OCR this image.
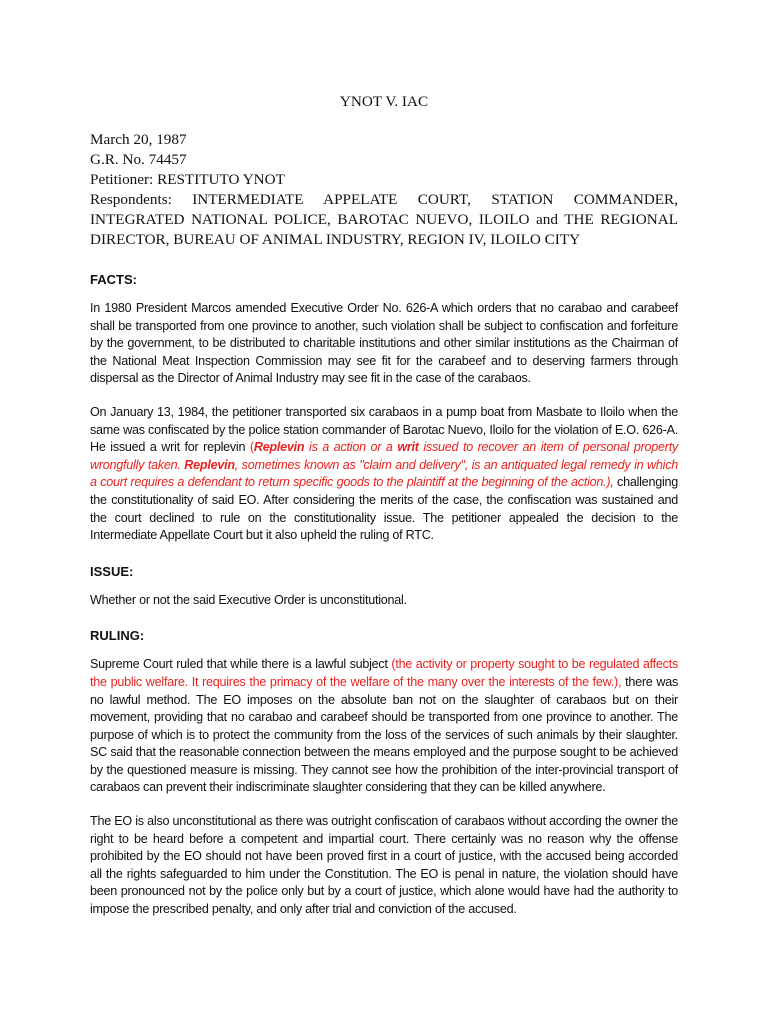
YNOT V. IAC
March 20, 1987
G.R. No. 74457
Petitioner: RESTITUTO YNOT
Respondents: INTERMEDIATE APPELATE COURT, STATION COMMANDER, INTEGRATED NATIONAL POLICE, BAROTAC NUEVO, ILOILO and THE REGIONAL DIRECTOR, BUREAU OF ANIMAL INDUSTRY, REGION IV, ILOILO CITY
FACTS:

In 1980 President Marcos amended Executive Order No. 626-A which orders that no carabao and carabeef shall be transported from one province to another, such violation shall be subject to confiscation and forfeiture by the government, to be distributed to charitable institutions and other similar institutions as the Chairman of the National Meat Inspection Commission may see fit for the carabeef and to deserving farmers through dispersal as the Director of Animal Industry may see fit in the case of the carabaos.

On January 13, 1984, the petitioner transported six carabaos in a pump boat from Masbate to Iloilo when the same was confiscated by the police station commander of Barotac Nuevo, Iloilo for the violation of E.O. 626-A. He issued a writ for replevin (Replevin is a action or a writ issued to recover an item of personal property wrongfully taken. Replevin, sometimes known as "claim and delivery", is an antiquated legal remedy in which a court requires a defendant to return specific goods to the plaintiff at the beginning of the action.), challenging the constitutionality of said EO. After considering the merits of the case, the confiscation was sustained and the court declined to rule on the constitutionality issue. The petitioner appealed the decision to the Intermediate Appellate Court but it also upheld the ruling of RTC.

ISSUE:

Whether or not the said Executive Order is unconstitutional.

RULING:

Supreme Court ruled that while there is a lawful subject (the activity or property sought to be regulated affects the public welfare. It requires the primacy of the welfare of the many over the interests of the few.), there was no lawful method. The EO imposes on the absolute ban not on the slaughter of carabaos but on their movement, providing that no carabao and carabeef should be transported from one province to another. The purpose of which is to protect the community from the loss of the services of such animals by their slaughter. SC said that the reasonable connection between the means employed and the purpose sought to be achieved by the questioned measure is missing. They cannot see how the prohibition of the inter-provincial transport of carabaos can prevent their indiscriminate slaughter considering that they can be killed anywhere.

The EO is also unconstitutional as there was outright confiscation of carabaos without according the owner the right to be heard before a competent and impartial court. There certainly was no reason why the offense prohibited by the EO should not have been proved first in a court of justice, with the accused being accorded all the rights safeguarded to him under the Constitution. The EO is penal in nature, the violation should have been pronounced not by the police only but by a court of justice, which alone would have had the authority to impose the prescribed penalty, and only after trial and conviction of the accused.
